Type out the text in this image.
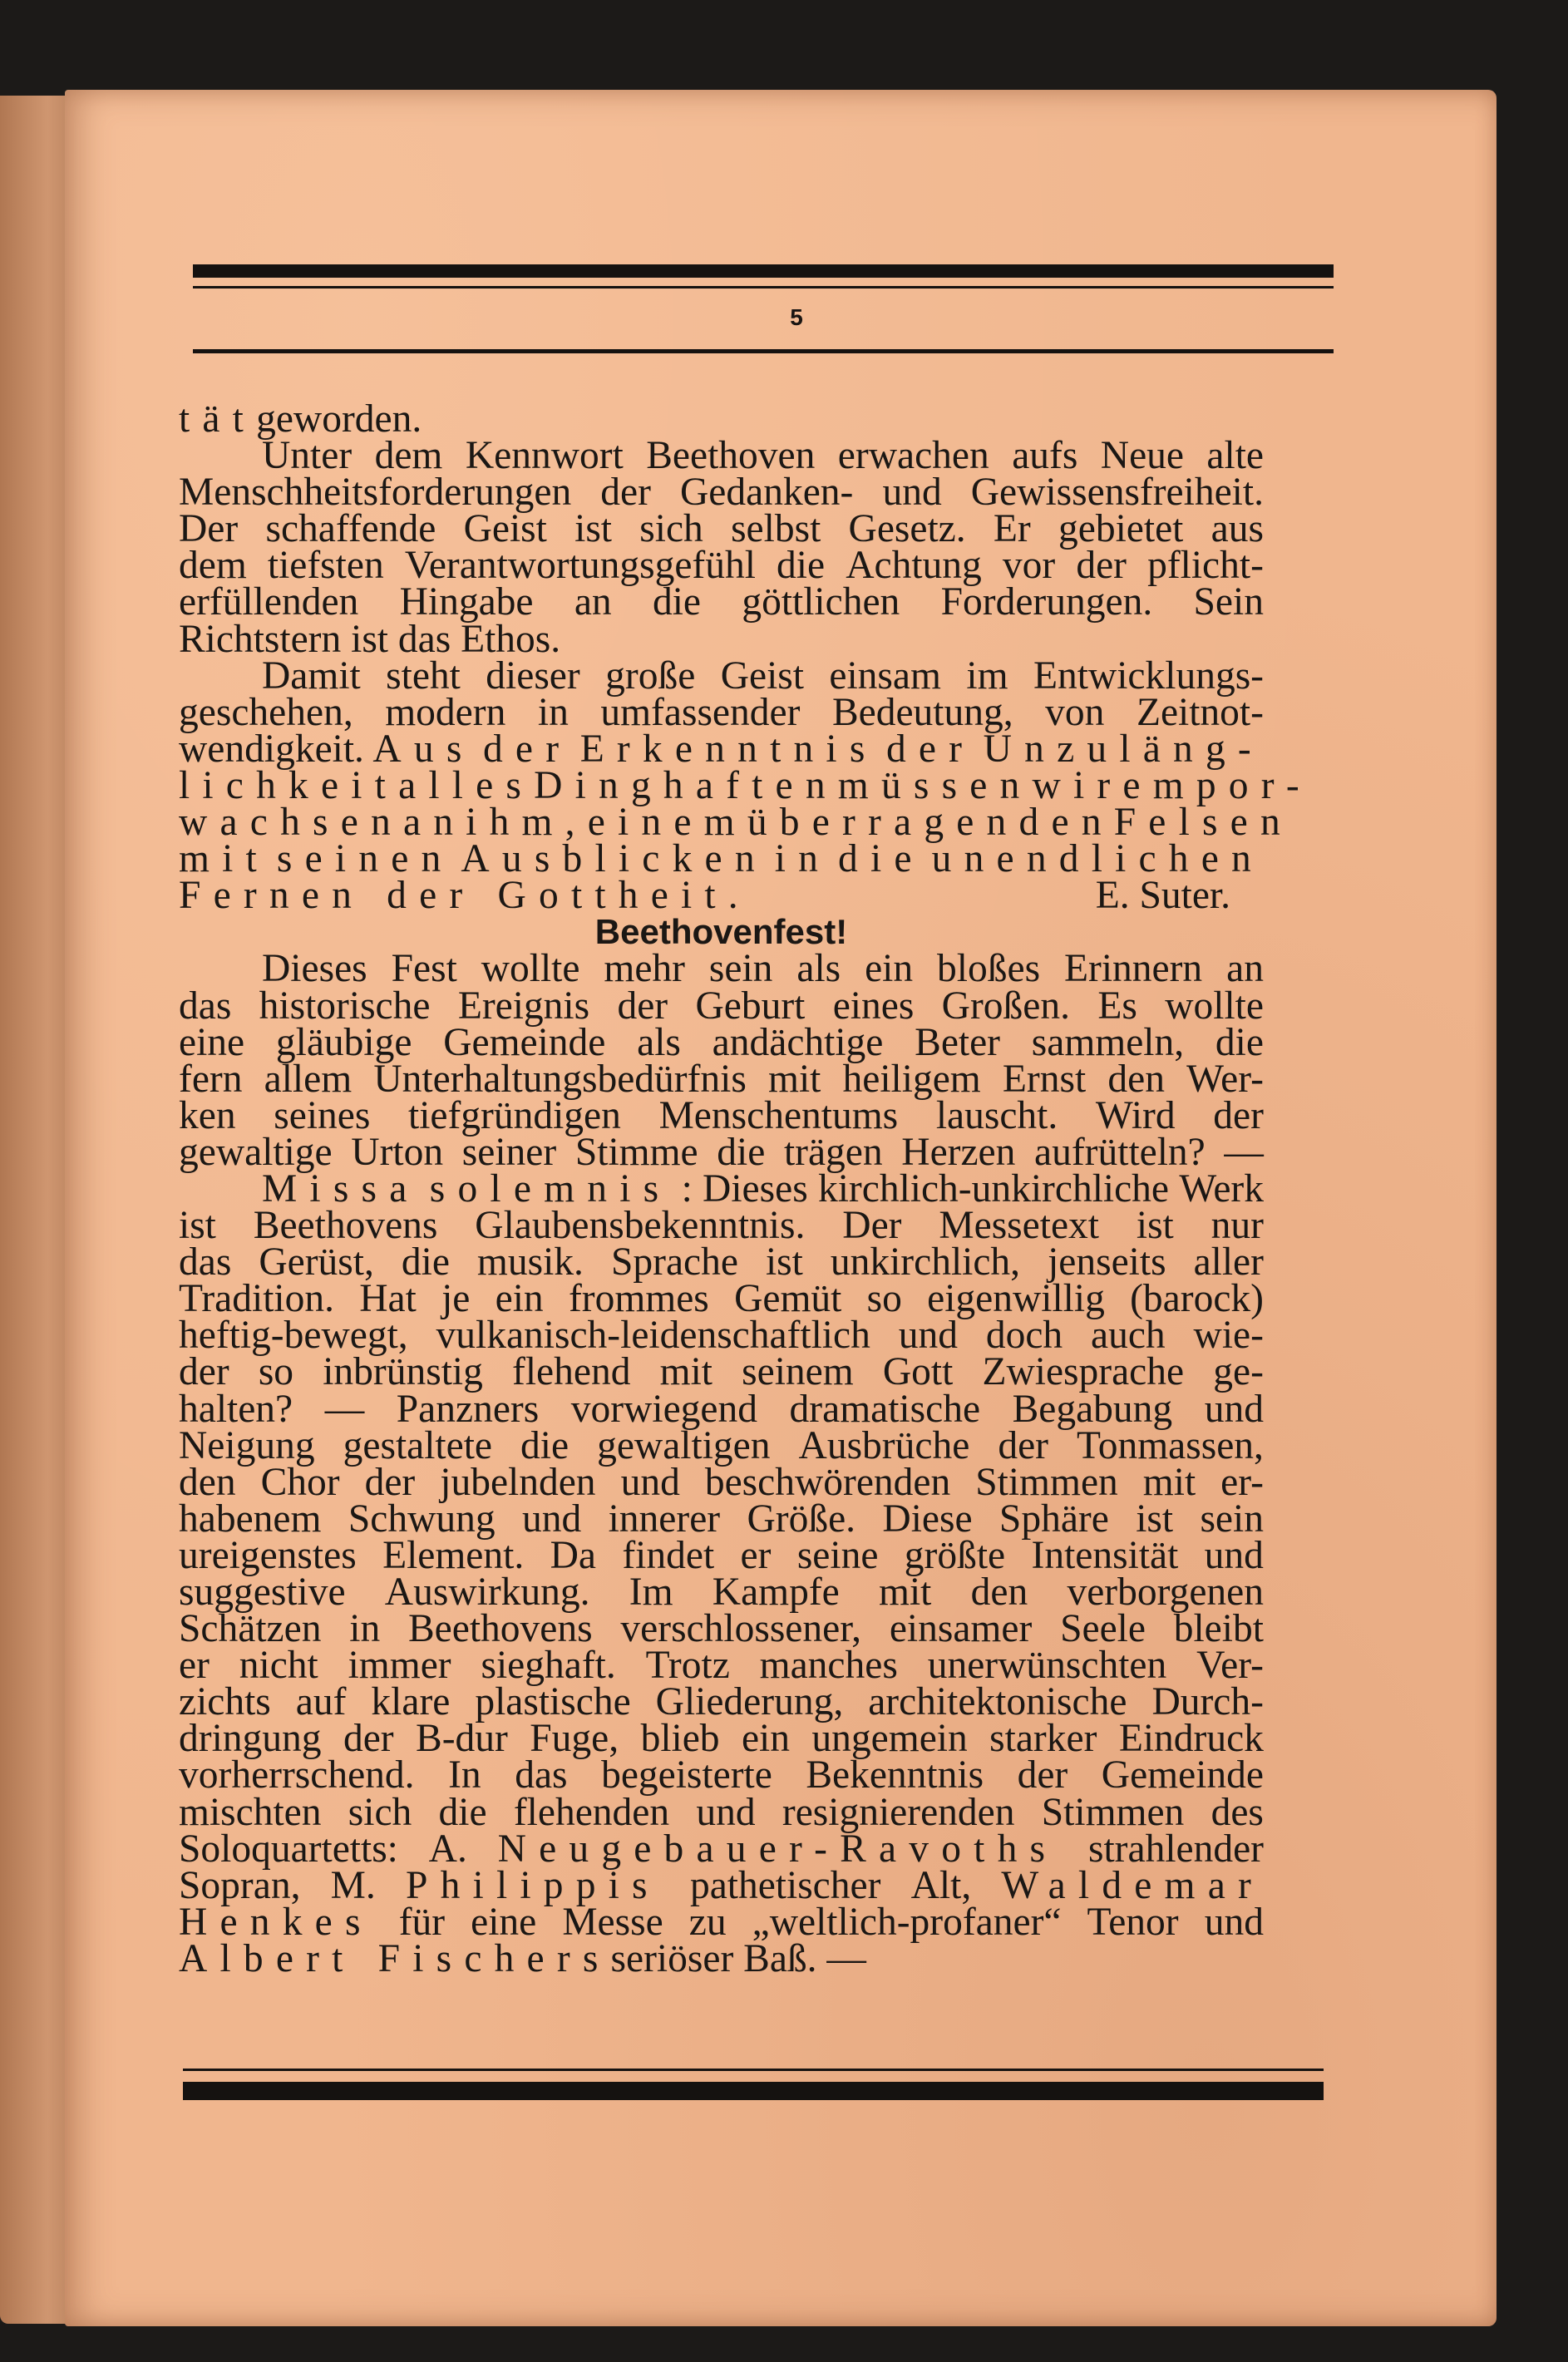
5
tät geworden.
Unter dem Kennwort Beethoven erwachen aufs Neue alte
Menschheitsforderungen der Gedanken- und Gewissensfreiheit.
Der schaffende Geist ist sich selbst Gesetz. Er gebietet aus
dem tiefsten Verantwortungsgefühl die Achtung vor der pflicht-
erfüllenden Hingabe an die göttlichen Forderungen. Sein
Richtstern ist das Ethos.
Damit steht dieser große Geist einsam im Entwicklungs-
geschehen, modern in umfassender Bedeutung, von Zeitnot-
wendigkeit. Aus der Erkenntnis der Unzuläng-
lichkeit alles Dinghaften müssen wir empor-
wachsen an ihm, einem überragenden Felsen
mit seinen Ausblicken in die unendlichen
Fernen der Gottheit.	E. Suter.
Beethovenfest!
Dieses Fest wollte mehr sein als ein bloßes Erinnern an
das historische Ereignis der Geburt eines Großen. Es wollte
eine gläubige Gemeinde als andächtige Beter sammeln, die
fern allem Unterhaltungsbedürfnis mit heiligem Ernst den Wer-
ken seines tiefgründigen Menschentums lauscht. Wird der
gewaltige Urton seiner Stimme die trägen Herzen aufrütteln? —
Missa solemnis : Dieses kirchlich-unkirchliche Werk
ist Beethovens Glaubensbekenntnis. Der Messetext ist nur
das Gerüst, die musik. Sprache ist unkirchlich, jenseits aller
Tradition. Hat je ein frommes Gemüt so eigenwillig (barock)
heftig-bewegt, vulkanisch-leidenschaftlich und doch auch wie-
der so inbrünstig flehend mit seinem Gott Zwiesprache ge-
halten? — Panzners vorwiegend dramatische Begabung und
Neigung gestaltete die gewaltigen Ausbrüche der Tonmassen,
den Chor der jubelnden und beschwörenden Stimmen mit er-
habenem Schwung und innerer Größe. Diese Sphäre ist sein
ureigenstes Element. Da findet er seine größte Intensität und
suggestive Auswirkung. Im Kampfe mit den verborgenen
Schätzen in Beethovens verschlossener, einsamer Seele bleibt
er nicht immer sieghaft. Trotz manches unerwünschten Ver-
zichts auf klare plastische Gliederung, architektonische Durch-
dringung der B-dur Fuge, blieb ein ungemein starker Eindruck
vorherrschend. In das begeisterte Bekenntnis der Gemeinde
mischten sich die flehenden und resignierenden Stimmen des
Soloquartetts: A. Neugebauer-Ravoths strahlender
Sopran, M. Philippis pathetischer Alt, Waldemar
Henkes für eine Messe zu „weltlich-profaner“ Tenor und
Albert Fischers seriöser Baß. —
